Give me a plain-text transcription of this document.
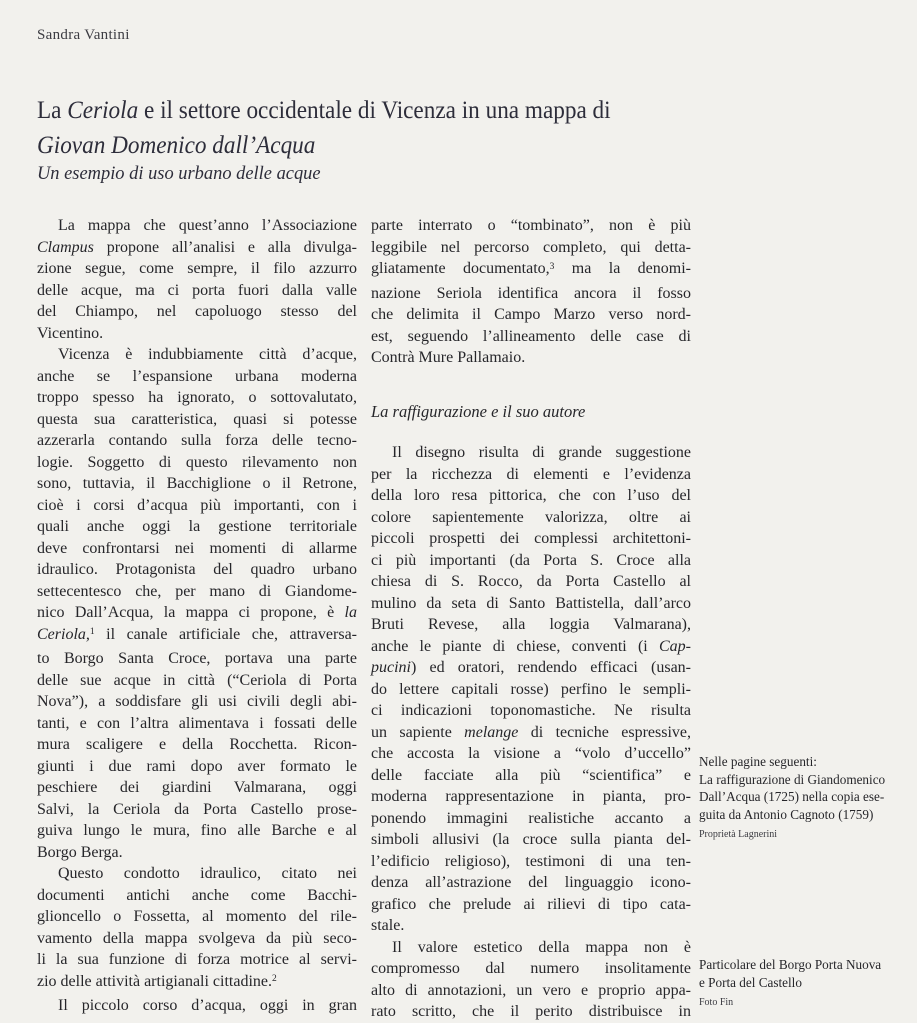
Sandra Vantini
La Ceriola e il settore occidentale di Vicenza in una mappa di
Giovan Domenico dall’Acqua
Un esempio di uso urbano delle acque
La mappa che quest’anno l’Associazione
Clampus propone all’analisi e alla divulga-
zione segue, come sempre, il filo azzurro
delle acque, ma ci porta fuori dalla valle
del Chiampo, nel capoluogo stesso del
Vicentino.
Vicenza è indubbiamente città d’acque,
anche se l’espansione urbana moderna
troppo spesso ha ignorato, o sottovalutato,
questa sua caratteristica, quasi si potesse
azzerarla contando sulla forza delle tecno-
logie. Soggetto di questo rilevamento non
sono, tuttavia, il Bacchiglione o il Retrone,
cioè i corsi d’acqua più importanti, con i
quali anche oggi la gestione territoriale
deve confrontarsi nei momenti di allarme
idraulico. Protagonista del quadro urbano
settecentesco che, per mano di Giandome-
nico Dall’Acqua, la mappa ci propone, è la
Ceriola,$^1$ il canale artificiale che, attraversa-
to Borgo Santa Croce, portava una parte
delle sue acque in città (“Ceriola di Porta
Nova”), a soddisfare gli usi civili degli abi-
tanti, e con l’altra alimentava i fossati delle
mura scaligere e della Rocchetta. Ricon-
giunti i due rami dopo aver formato le
peschiere dei giardini Valmarana, oggi
Salvi, la Ceriola da Porta Castello prose-
guiva lungo le mura, fino alle Barche e al
Borgo Berga.
Questo condotto idraulico, citato nei
documenti antichi anche come Bacchi-
glioncello o Fossetta, al momento del rile-
vamento della mappa svolgeva da più seco-
li la sua funzione di forza motrice al servi-
zio delle attività artigianali cittadine.$^2$
Il piccolo corso d’acqua, oggi in gran
parte interrato o “tombinato”, non è più
leggibile nel percorso completo, qui detta-
gliatamente documentato,$^3$ ma la denomi-
nazione Seriola identifica ancora il fosso
che delimita il Campo Marzo verso nord-
est, seguendo l’allineamento delle case di
Contrà Mure Pallamaio.
La raffigurazione e il suo autore
Il disegno risulta di grande suggestione
per la ricchezza di elementi e l’evidenza
della loro resa pittorica, che con l’uso del
colore sapientemente valorizza, oltre ai
piccoli prospetti dei complessi architettoni-
ci più importanti (da Porta S. Croce alla
chiesa di S. Rocco, da Porta Castello al
mulino da seta di Santo Battistella, dall’arco
Bruti Revese, alla loggia Valmarana),
anche le piante di chiese, conventi (i Cap-
pucini) ed oratori, rendendo efficaci (usan-
do lettere capitali rosse) perfino le sempli-
ci indicazioni toponomastiche. Ne risulta
un sapiente melange di tecniche espressive,
che accosta la visione a “volo d’uccello”
delle facciate alla più “scientifica” e
moderna rappresentazione in pianta, pro-
ponendo immagini realistiche accanto a
simboli allusivi (la croce sulla pianta del-
l’edificio religioso), testimoni di una ten-
denza all’astrazione del linguaggio icono-
grafico che prelude ai rilievi di tipo cata-
stale.
Il valore estetico della mappa non è
compromesso dal numero insolitamente
alto di annotazioni, un vero e proprio appa-
rato scritto, che il perito distribuisce in
Nelle pagine seguenti:
La raffigurazione di Giandomenico
Dall’Acqua (1725) nella copia ese-
guita da Antonio Cagnoto (1759)
Proprietà Lagnerini
Particolare del Borgo Porta Nuova
e Porta del Castello
Foto Fin
